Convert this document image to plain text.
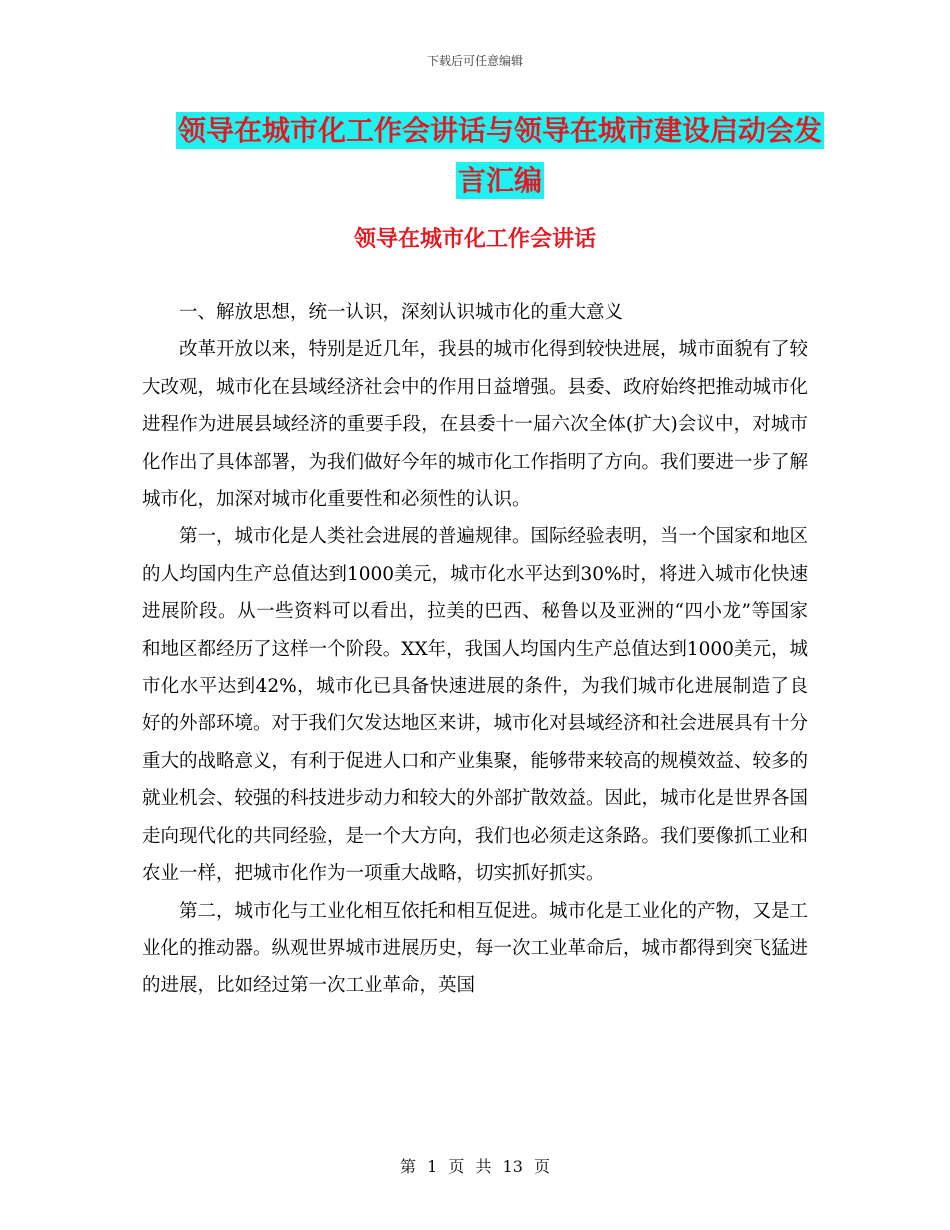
下载后可任意编辑
领导在城市化工作会讲话与领导在城市建设启动会发
言汇编
领导在城市化工作会讲话

一、解放思想，统一认识，深刻认识城市化的重大意义

改革开放以来，特别是近几年，我县的城市化得到较快进展，城市面貌有了较大改观，城市化在县域经济社会中的作用日益增强。县委、政府始终把推动城市化进程作为进展县域经济的重要手段，在县委十一届六次全体(扩大)会议中，对城市化作出了具体部署，为我们做好今年的城市化工作指明了方向。我们要进一步了解城市化，加深对城市化重要性和必须性的认识。

第一，城市化是人类社会进展的普遍规律。国际经验表明，当一个国家和地区的人均国内生产总值达到1000美元，城市化水平达到30%时，将进入城市化快速进展阶段。从一些资料可以看出，拉美的巴西、秘鲁以及亚洲的“四小龙”等国家和地区都经历了这样一个阶段。XX年，我国人均国内生产总值达到1000美元，城市化水平达到42%，城市化已具备快速进展的条件，为我们城市化进展制造了良好的外部环境。对于我们欠发达地区来讲，城市化对县域经济和社会进展具有十分重大的战略意义，有利于促进人口和产业集聚，能够带来较高的规模效益、较多的就业机会、较强的科技进步动力和较大的外部扩散效益。因此，城市化是世界各国走向现代化的共同经验，是一个大方向，我们也必须走这条路。我们要像抓工业和农业一样，把城市化作为一项重大战略，切实抓好抓实。

第二，城市化与工业化相互依托和相互促进。城市化是工业化的产物，又是工业化的推动器。纵观世界城市进展历史，每一次工业革命后，城市都得到突飞猛进的进展，比如经过第一次工业革命，英国

第 1 页 共 13 页
